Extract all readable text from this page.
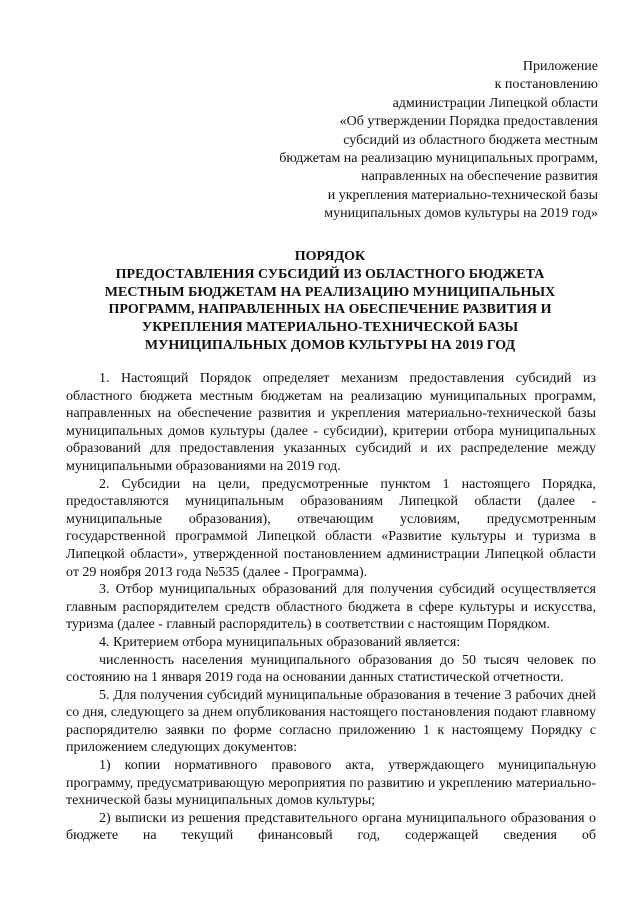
Приложение
к постановлению
администрации Липецкой области
«Об утверждении Порядка предоставления
субсидий из областного бюджета местным
бюджетам на реализацию муниципальных программ,
направленных на обеспечение развития
и укрепления материально-технической базы
муниципальных домов культуры на 2019 год»
ПОРЯДОК
ПРЕДОСТАВЛЕНИЯ СУБСИДИЙ ИЗ ОБЛАСТНОГО БЮДЖЕТА
МЕСТНЫМ БЮДЖЕТАМ НА РЕАЛИЗАЦИЮ МУНИЦИПАЛЬНЫХ
ПРОГРАММ, НАПРАВЛЕННЫХ НА ОБЕСПЕЧЕНИЕ РАЗВИТИЯ И
УКРЕПЛЕНИЯ МАТЕРИАЛЬНО-ТЕХНИЧЕСКОЙ БАЗЫ
МУНИЦИПАЛЬНЫХ ДОМОВ КУЛЬТУРЫ НА 2019 ГОД

1. Настоящий Порядок определяет механизм предоставления субсидий из областного бюджета местным бюджетам на реализацию муниципальных программ, направленных на обеспечение развития и укрепления материально-технической базы муниципальных домов культуры (далее - субсидии), критерии отбора муниципальных образований для предоставления указанных субсидий и их распределение между муниципальными образованиями на 2019 год.

2. Субсидии на цели, предусмотренные пунктом 1 настоящего Порядка, предоставляются муниципальным образованиям Липецкой области (далее - муниципальные образования), отвечающим условиям, предусмотренным государственной программой Липецкой области «Развитие культуры и туризма в Липецкой области», утвержденной постановлением администрации Липецкой области от 29 ноября 2013 года №535 (далее - Программа).

3. Отбор муниципальных образований для получения субсидий осуществляется главным распорядителем средств областного бюджета в сфере культуры и искусства, туризма (далее - главный распорядитель) в соответствии с настоящим Порядком.

4. Критерием отбора муниципальных образований является:

численность населения муниципального образования до 50 тысяч человек по состоянию на 1 января 2019 года на основании данных статистической отчетности.

5. Для получения субсидий муниципальные образования в течение 3 рабочих дней со дня, следующего за днем опубликования настоящего постановления подают главному распорядителю заявки по форме согласно приложению 1 к настоящему Порядку с приложением следующих документов:

1) копии нормативного правового акта, утверждающего муниципальную программу, предусматривающую мероприятия по развитию и укреплению материально-технической базы муниципальных домов культуры;

2) выписки из решения представительного органа муниципального образования о бюджете на текущий финансовый год, содержащей сведения об
